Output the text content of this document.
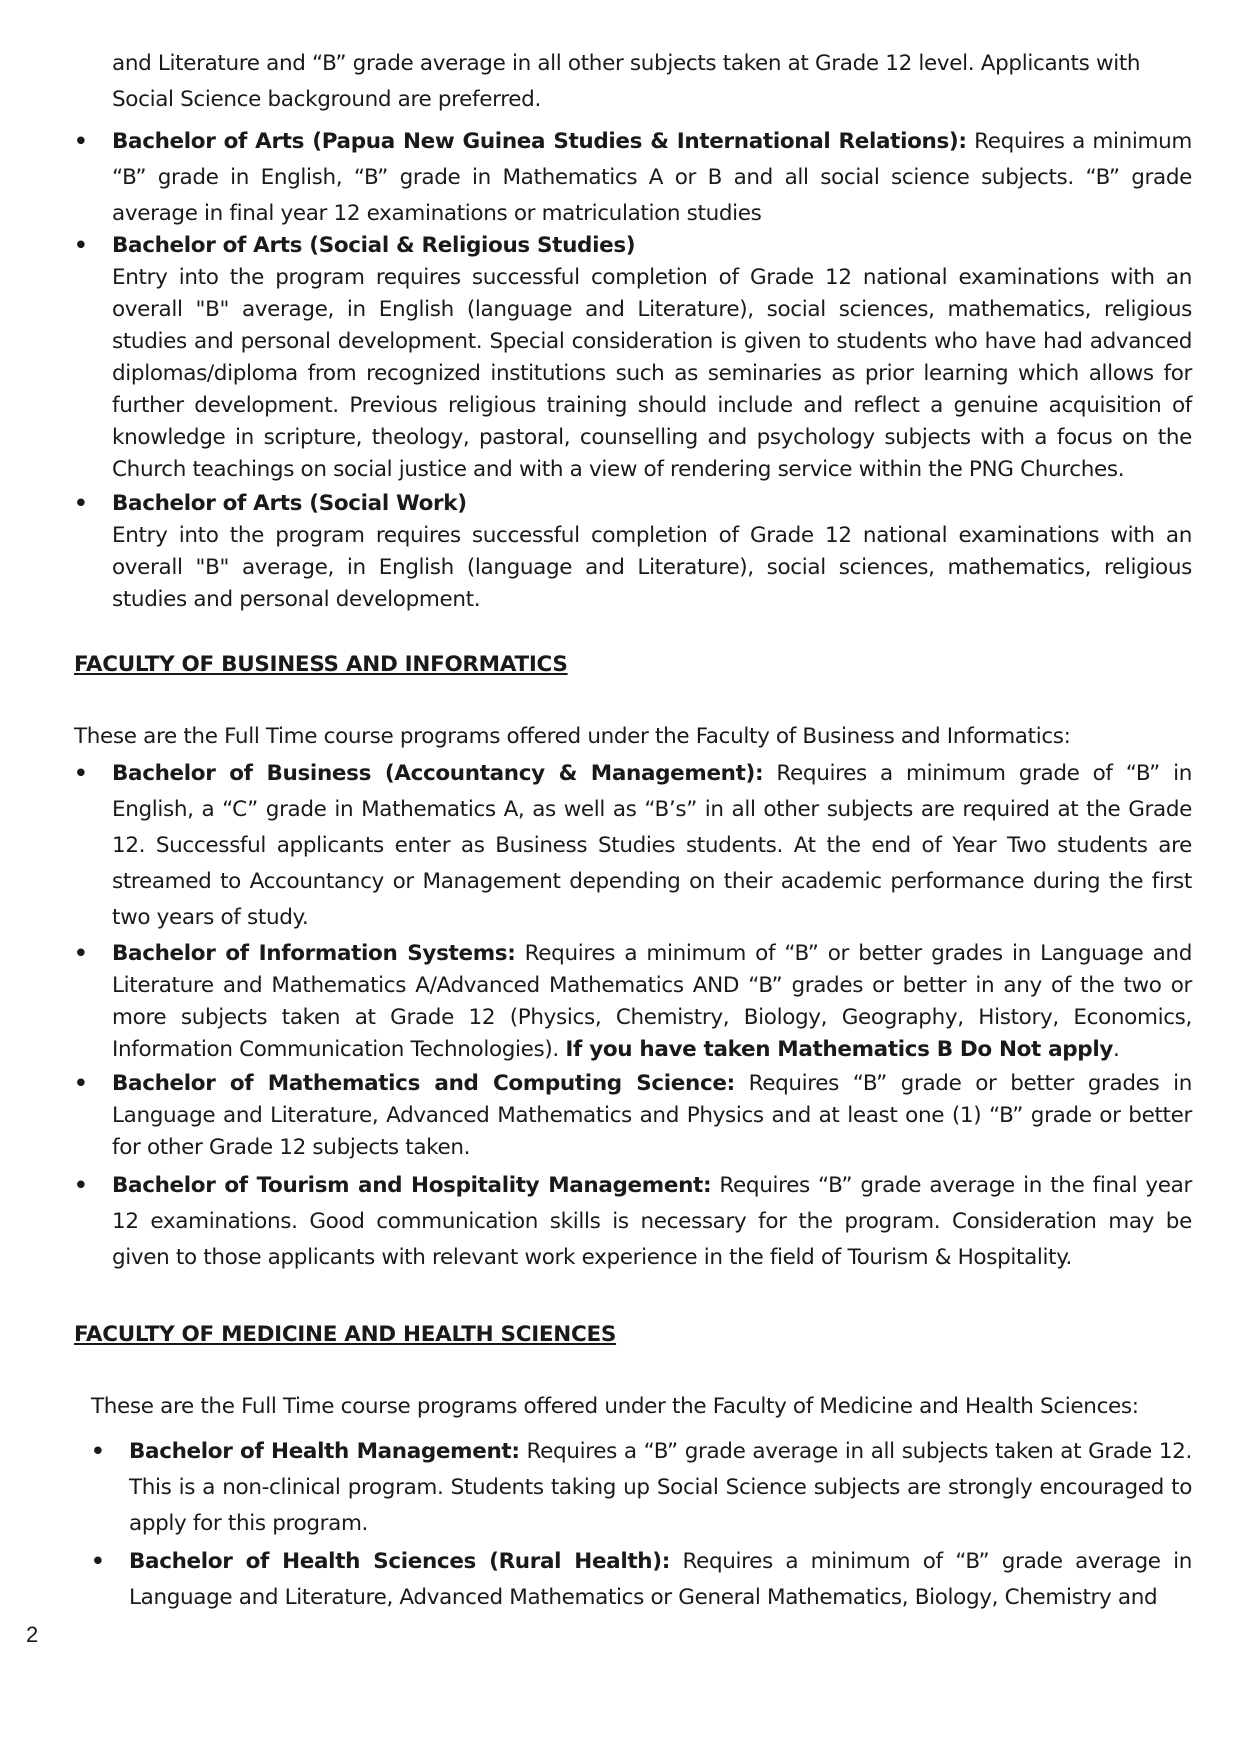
and Literature and “B” grade average in all other subjects taken at Grade 12 level. Applicants with Social Science background are preferred.

• Bachelor of Arts (Papua New Guinea Studies & International Relations): Requires a minimum “B” grade in English, “B” grade in Mathematics A or B and all social science subjects. “B” grade average in final year 12 examinations or matriculation studies
• Bachelor of Arts (Social & Religious Studies)
Entry into the program requires successful completion of Grade 12 national examinations with an overall "B" average, in English (language and Literature), social sciences, mathematics, religious studies and personal development. Special consideration is given to students who have had advanced diplomas/diploma from recognized institutions such as seminaries as prior learning which allows for further development. Previous religious training should include and reflect a genuine acquisition of knowledge in scripture, theology, pastoral, counselling and psychology subjects with a focus on the Church teachings on social justice and with a view of rendering service within the PNG Churches.
• Bachelor of Arts (Social Work)
Entry into the program requires successful completion of Grade 12 national examinations with an overall "B" average, in English (language and Literature), social sciences, mathematics, religious studies and personal development.

FACULTY OF BUSINESS AND INFORMATICS

These are the Full Time course programs offered under the Faculty of Business and Informatics:

• Bachelor of Business (Accountancy & Management): Requires a minimum grade of “B” in English, a “C” grade in Mathematics A, as well as “B’s” in all other subjects are required at the Grade 12. Successful applicants enter as Business Studies students. At the end of Year Two students are streamed to Accountancy or Management depending on their academic performance during the first two years of study.
• Bachelor of Information Systems: Requires a minimum of “B” or better grades in Language and Literature and Mathematics A/Advanced Mathematics AND “B” grades or better in any of the two or more subjects taken at Grade 12 (Physics, Chemistry, Biology, Geography, History, Economics, Information Communication Technologies). If you have taken Mathematics B Do Not apply.
• Bachelor of Mathematics and Computing Science: Requires “B” grade or better grades in Language and Literature, Advanced Mathematics and Physics and at least one (1) “B” grade or better for other Grade 12 subjects taken.
• Bachelor of Tourism and Hospitality Management: Requires “B” grade average in the final year 12 examinations. Good communication skills is necessary for the program. Consideration may be given to those applicants with relevant work experience in the field of Tourism & Hospitality.

FACULTY OF MEDICINE AND HEALTH SCIENCES

These are the Full Time course programs offered under the Faculty of Medicine and Health Sciences:

• Bachelor of Health Management: Requires a “B” grade average in all subjects taken at Grade 12. This is a non-clinical program. Students taking up Social Science subjects are strongly encouraged to apply for this program.
• Bachelor of Health Sciences (Rural Health): Requires a minimum of “B” grade average in Language and Literature, Advanced Mathematics or General Mathematics, Biology, Chemistry and
2
